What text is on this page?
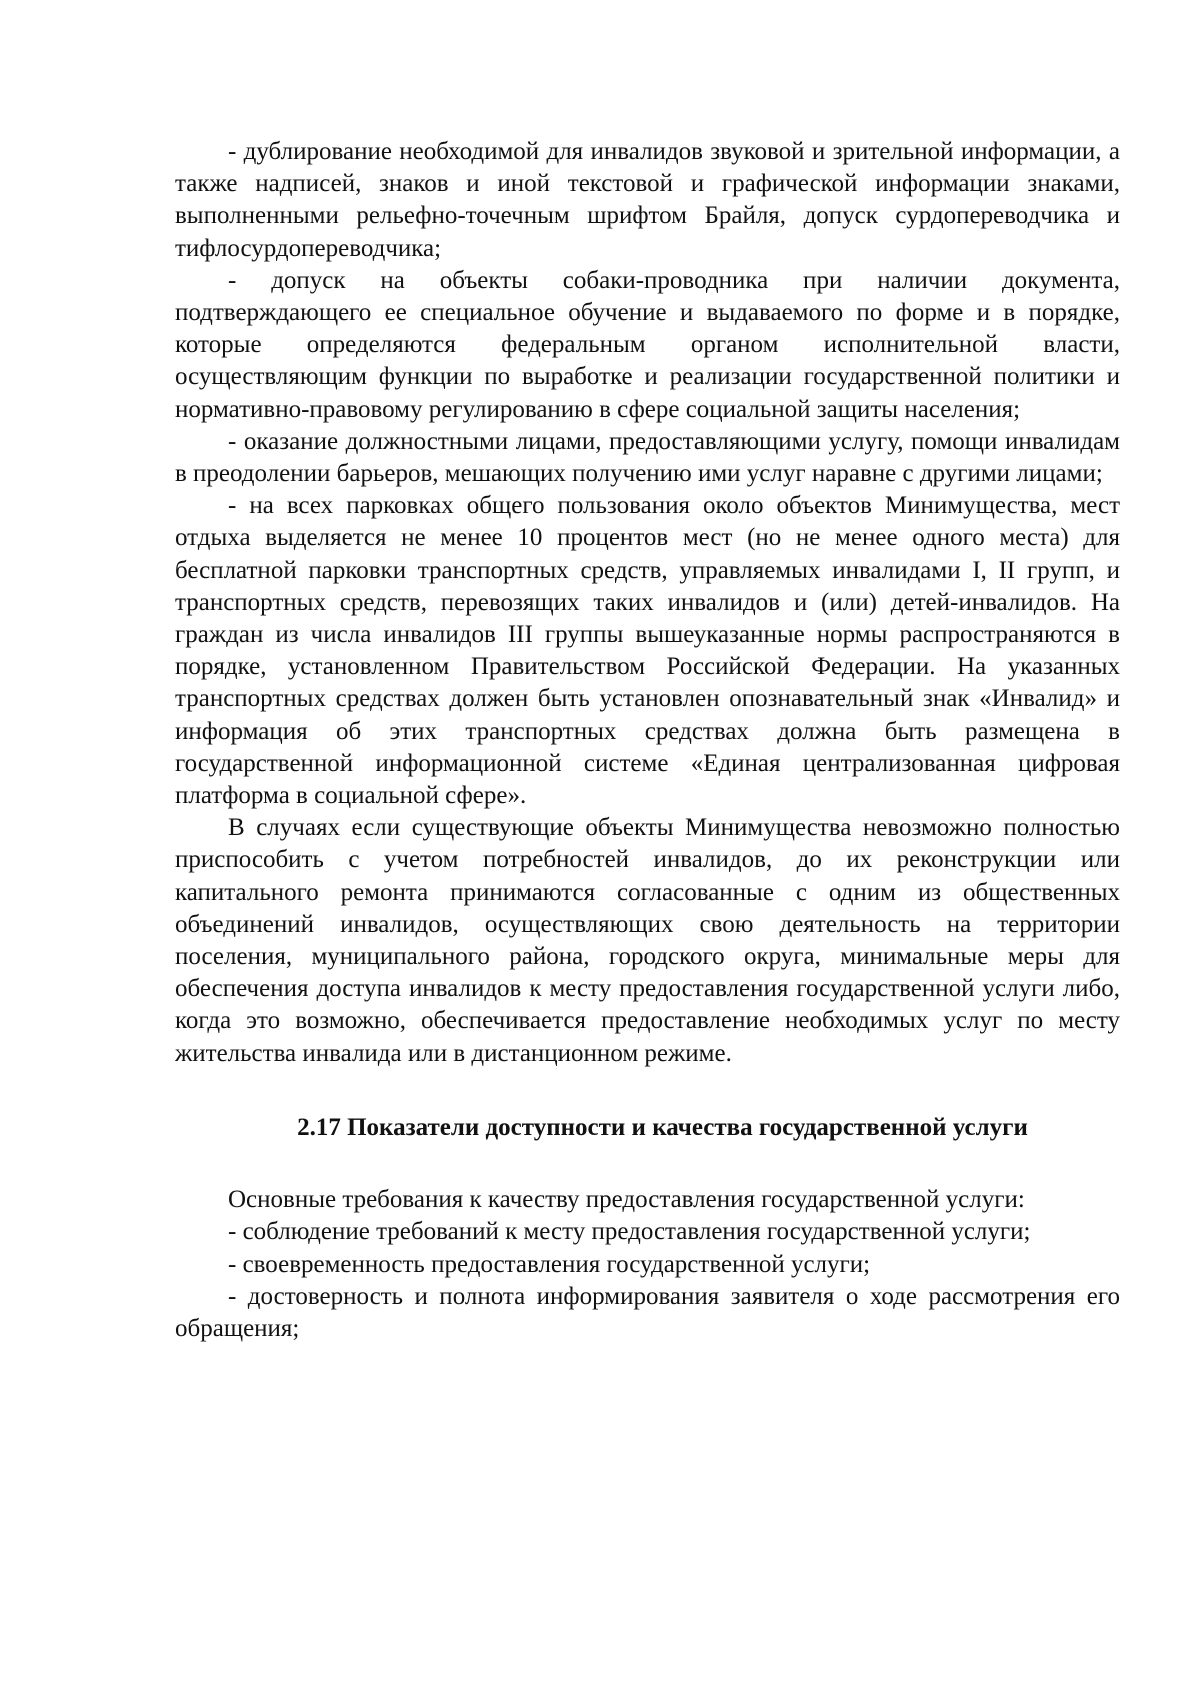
- дублирование необходимой для инвалидов звуковой и зрительной информации, а также надписей, знаков и иной текстовой и графической информации знаками, выполненными рельефно-точечным шрифтом Брайля, допуск сурдопереводчика и тифлосурдопереводчика;

- допуск на объекты собаки-проводника при наличии документа, подтверждающего ее специальное обучение и выдаваемого по форме и в порядке, которые определяются федеральным органом исполнительной власти, осуществляющим функции по выработке и реализации государственной политики и нормативно-правовому регулированию в сфере социальной защиты населения;

- оказание должностными лицами, предоставляющими услугу, помощи инвалидам в преодолении барьеров, мешающих получению ими услуг наравне с другими лицами;

- на всех парковках общего пользования около объектов Минимущества, мест отдыха выделяется не менее 10 процентов мест (но не менее одного места) для бесплатной парковки транспортных средств, управляемых инвалидами I, II групп, и транспортных средств, перевозящих таких инвалидов и (или) детей-инвалидов. На граждан из числа инвалидов III группы вышеуказанные нормы распространяются в порядке, установленном Правительством Российской Федерации. На указанных транспортных средствах должен быть установлен опознавательный знак «Инвалид» и информация об этих транспортных средствах должна быть размещена в государственной информационной системе «Единая централизованная цифровая платформа в социальной сфере».

В случаях если существующие объекты Минимущества невозможно полностью приспособить с учетом потребностей инвалидов, до их реконструкции или капитального ремонта принимаются согласованные с одним из общественных объединений инвалидов, осуществляющих свою деятельность на территории поселения, муниципального района, городского округа, минимальные меры для обеспечения доступа инвалидов к месту предоставления государственной услуги либо, когда это возможно, обеспечивается предоставление необходимых услуг по месту жительства инвалида или в дистанционном режиме.

2.17 Показатели доступности и качества государственной услуги

Основные требования к качеству предоставления государственной услуги:

- соблюдение требований к месту предоставления государственной услуги;

- своевременность предоставления государственной услуги;

- достоверность и полнота информирования заявителя о ходе рассмотрения его обращения;
